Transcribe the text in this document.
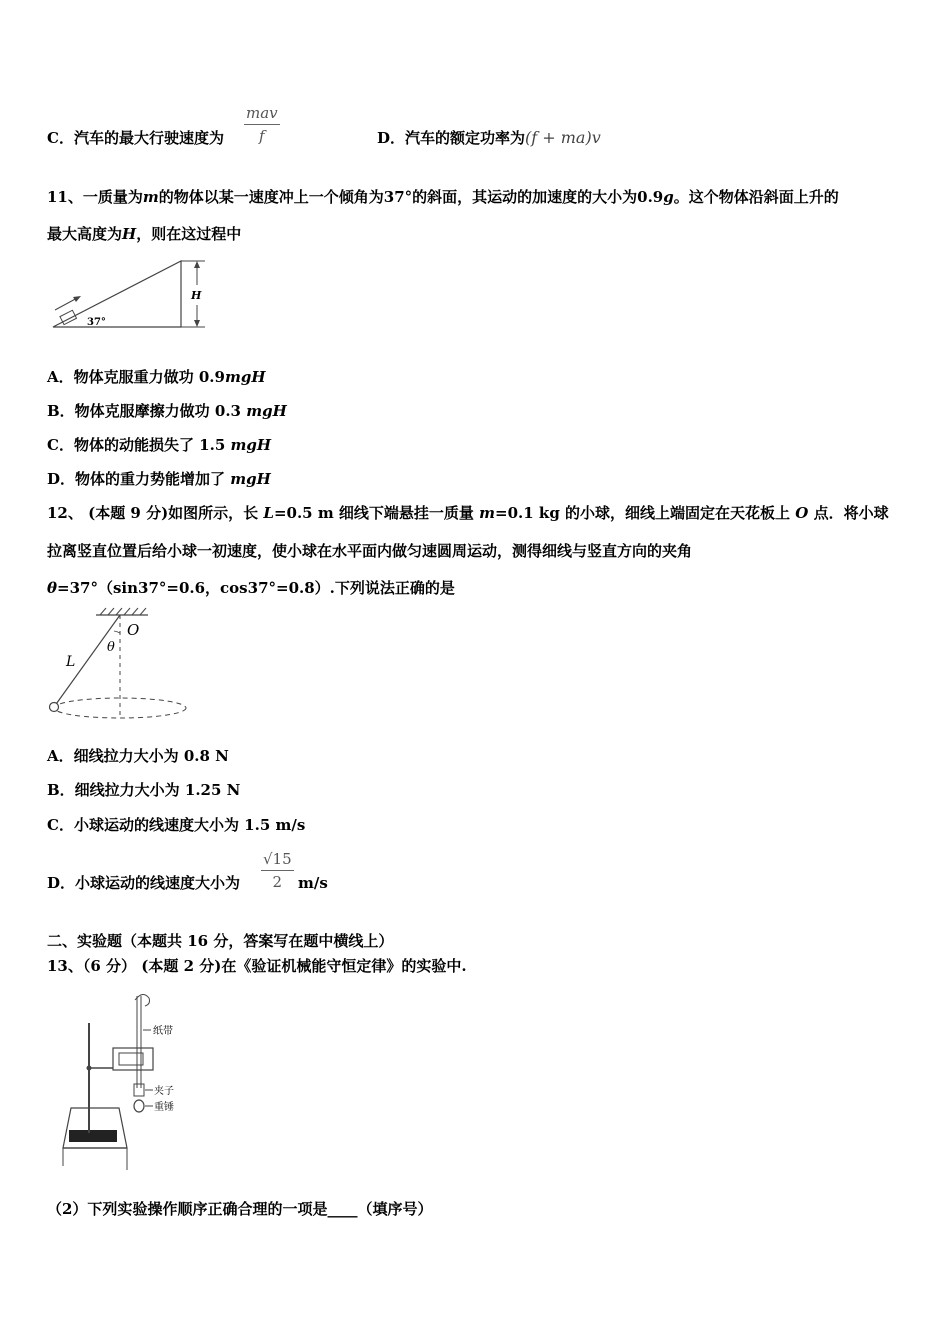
C．汽车的最大行驶速度为
mav
f	D．汽车的额定功率为(f + ma)v
11、一质量为m的物体以某一速度冲上一个倾角为37°的斜面，其运动的加速度的大小为0.9g。这个物体沿斜面上升的
最大高度为H，则在这过程中
H
37°
A．物体克服重力做功 0.9mgH
B．物体克服摩擦力做功 0.3 mgH
C．物体的动能损失了 1.5 mgH
D．物体的重力势能增加了 mgH
12、 (本题 9 分)如图所示，长 L=0.5 m 细线下端悬挂一质量 m=0.1 kg 的小球，细线上端固定在天花板上 O 点．将小球
拉离竖直位置后给小球一初速度，使小球在水平面内做匀速圆周运动，测得细线与竖直方向的夹角
θ=37°（sin37°=0.6，cos37°=0.8）.下列说法正确的是
O
θ
L
A．细线拉力大小为 0.8 N
B．细线拉力大小为 1.25 N
C．小球运动的线速度大小为 1.5 m/s
D．小球运动的线速度大小为
√15
2	m/s
二、实验题（本题共 16 分，答案写在题中横线上）
13、（6 分） (本题 2 分)在《验证机械能守恒定律》的实验中.
纸带
夹子
重锤
（2）下列实验操作顺序正确合理的一项是____（填序号）
